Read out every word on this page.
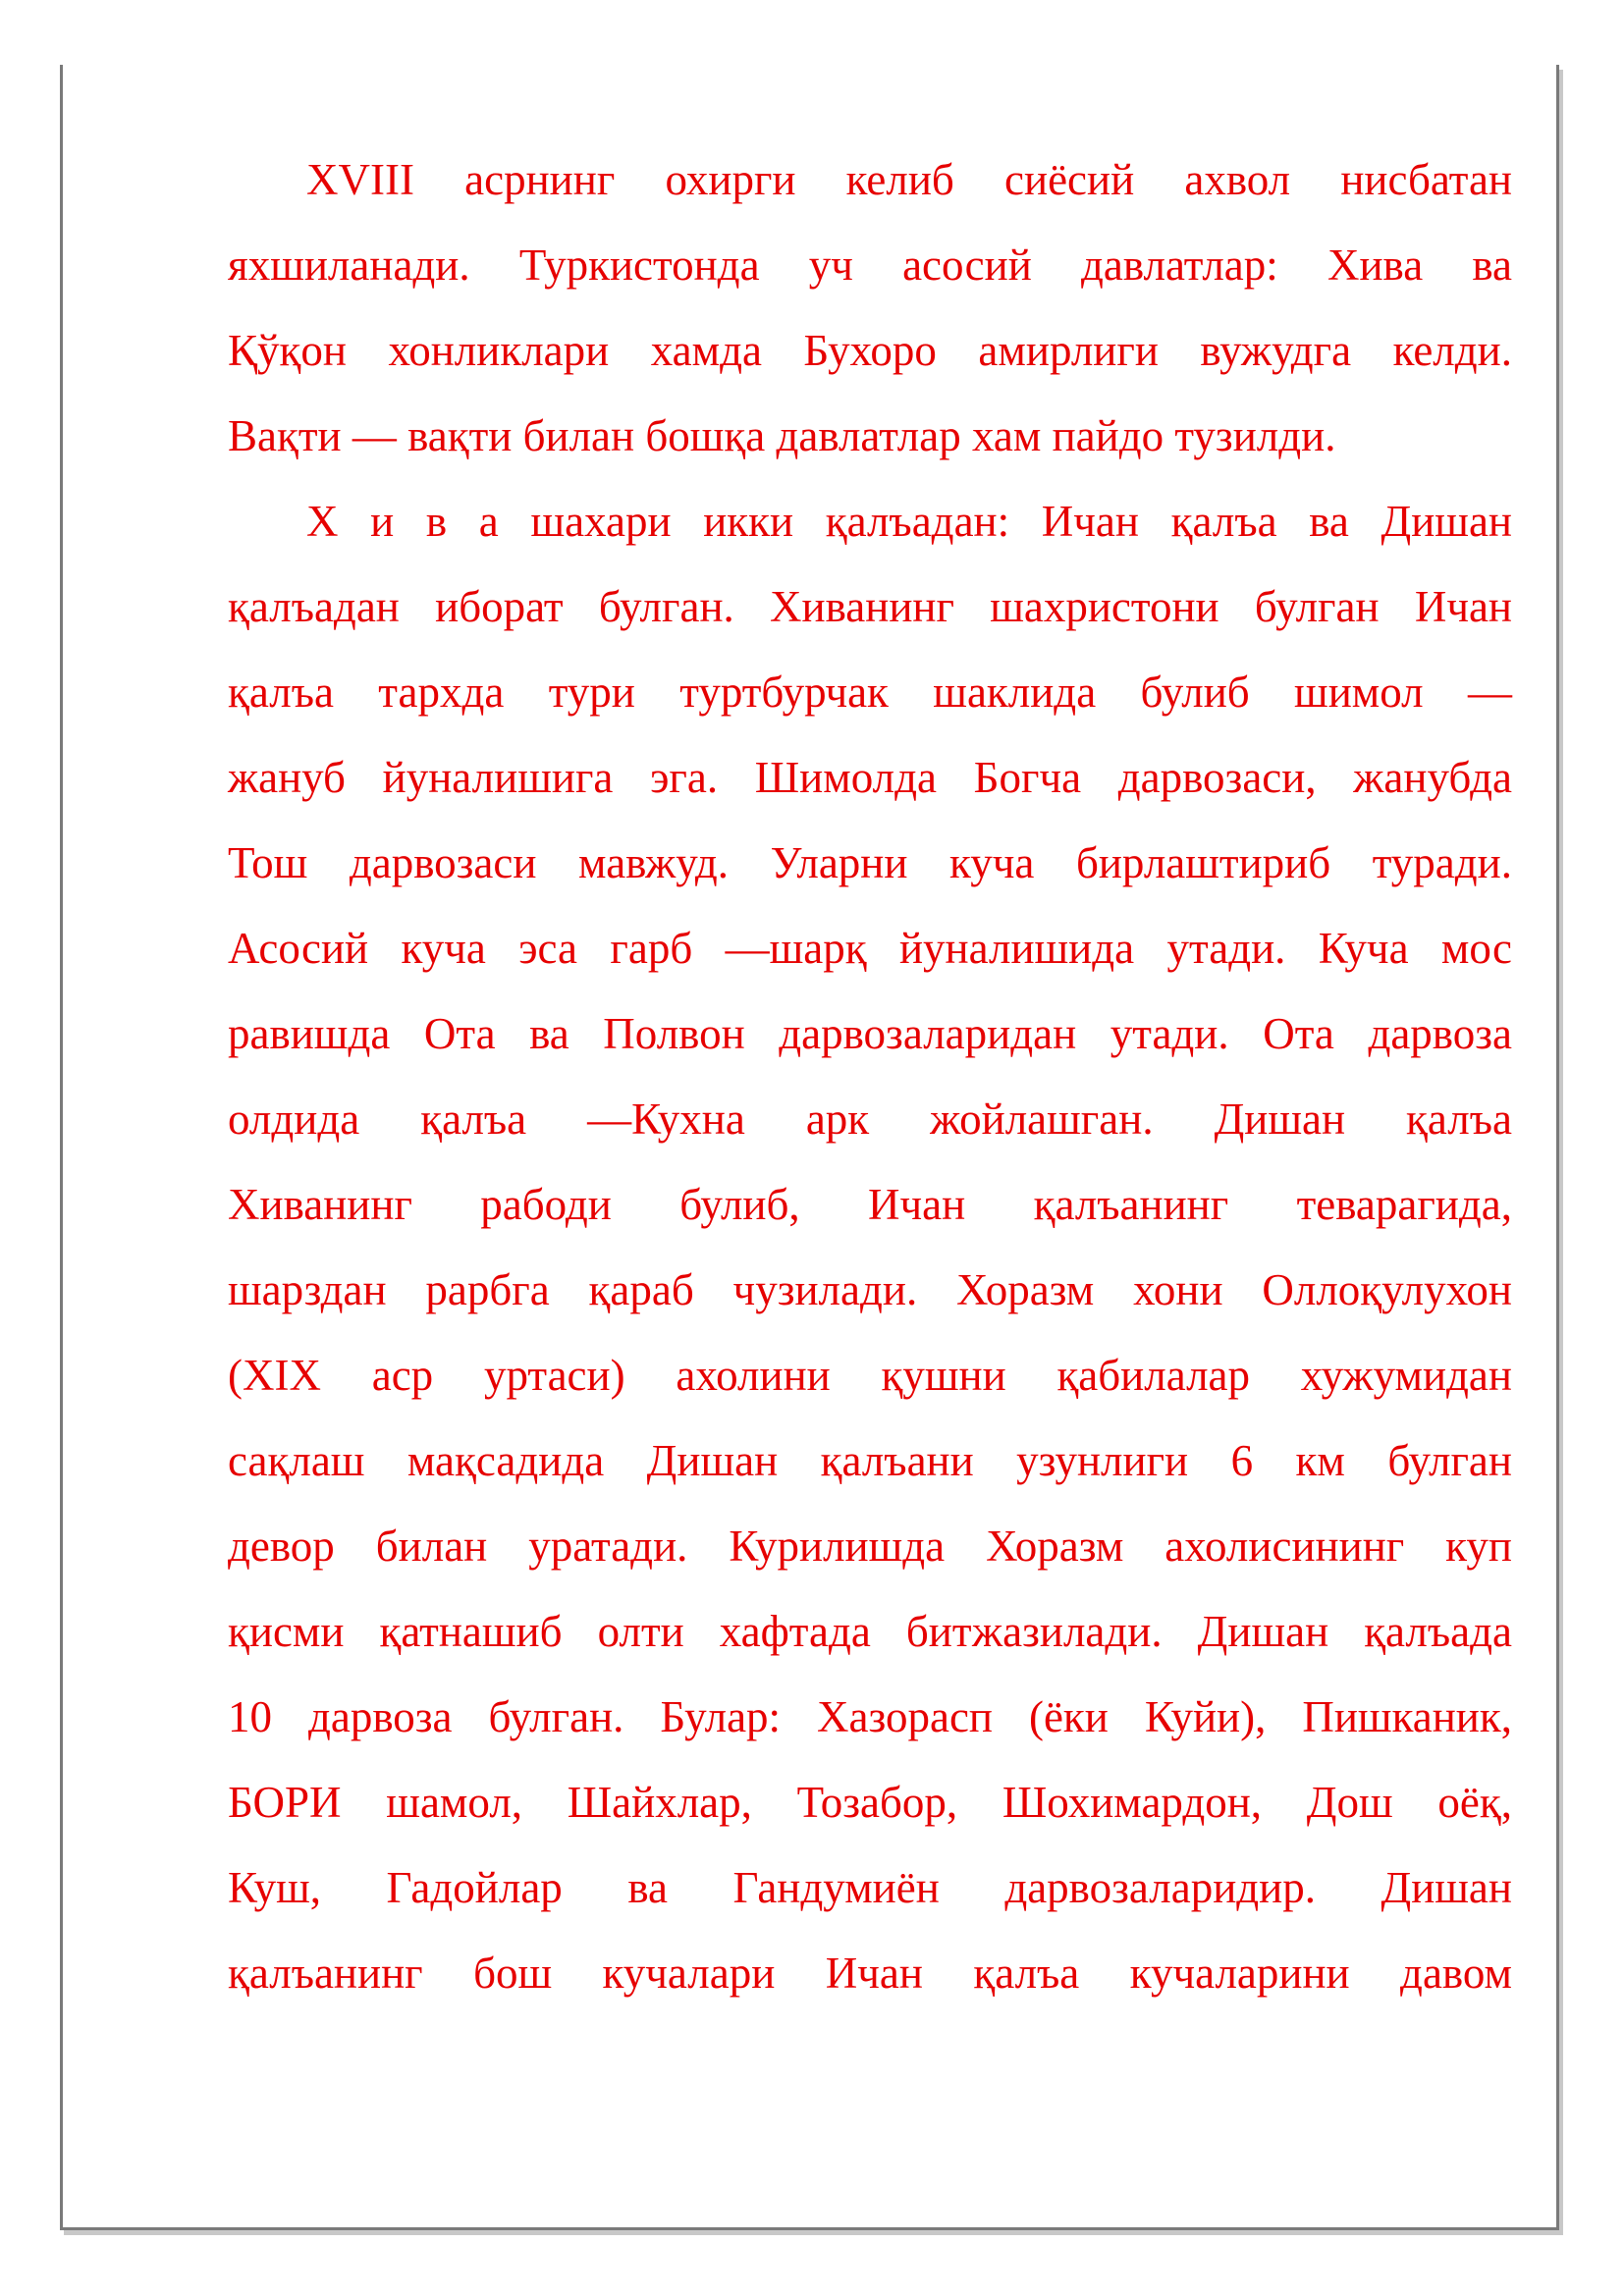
XVIII асрнинг охирги келиб сиёсий ахвол нисбатан
яхшиланади. Туркистонда уч асосий давлатлар: Хива ва
Қўқон хонликлари хамда Бухоро амирлиги вужудга келди.
Вақти — вақти билан бошқа давлатлар хам пайдо тузилди.
Х и в а шахари икки қалъадан: Ичан қалъа ва Дишан
қалъадан иборат булган. Хиванинг шахристони булган Ичан
қалъа тархда тури туртбурчак шаклида булиб шимол —
жануб йуналишига эга. Шимолда Богча дарвозаси, жанубда
Тош дарвозаси мавжуд. Уларни куча бирлаштириб туради.
Асосий куча эса гарб —шарқ йуналишида утади. Куча мос
равишда Ота ва Полвон дарвозаларидан утади. Ота дарвоза
олдида қалъа —Кухна арк жойлашган. Дишан қалъа
Хиванинг рабоди булиб, Ичан қалъанинг теварагида,
шарздан рарбга қараб чузилади. Хоразм хони Оллоқулухон
(XIX аср уртаси) ахолини қушни қабилалар хужумидан
сақлаш мақсадида Дишан қалъани узунлиги 6 км булган
девор билан уратади. Курилишда Хоразм ахолисининг куп
қисми қатнашиб олти хафтада битжазилади. Дишан қалъада
10 дарвоза булган. Булар: Хазорасп (ёки Куйи), Пишканик,
БОРИ шамол, Шайхлар, Тозабор, Шохимардон, Дош оёқ,
Куш, Гадойлар ва Гандумиён дарвозаларидир. Дишан
қалъанинг бош кучалари Ичан қалъа кучаларини давом
